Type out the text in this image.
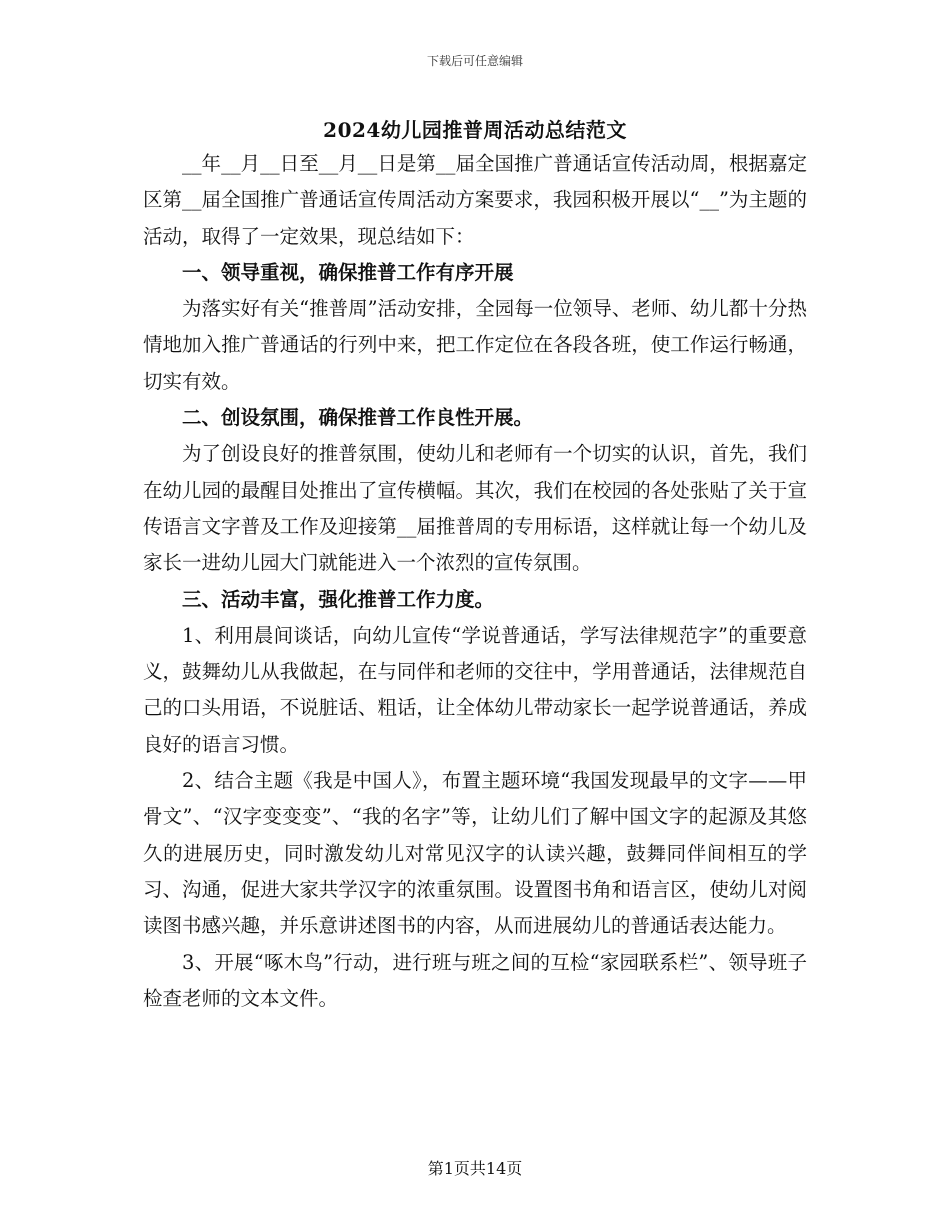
下载后可任意编辑
2024幼儿园推普周活动总结范文

__年__月__日至__月__日是第__届全国推广普通话宣传活动周，根据嘉定区第__届全国推广普通话宣传周活动方案要求，我园积极开展以“__”为主题的活动，取得了一定效果，现总结如下：

一、领导重视，确保推普工作有序开展

为落实好有关“推普周”活动安排，全园每一位领导、老师、幼儿都十分热情地加入推广普通话的行列中来，把工作定位在各段各班，使工作运行畅通，切实有效。

二、创设氛围，确保推普工作良性开展。

为了创设良好的推普氛围，使幼儿和老师有一个切实的认识，首先，我们在幼儿园的最醒目处推出了宣传横幅。其次，我们在校园的各处张贴了关于宣传语言文字普及工作及迎接第__届推普周的专用标语，这样就让每一个幼儿及家长一进幼儿园大门就能进入一个浓烈的宣传氛围。

三、活动丰富，强化推普工作力度。

1、利用晨间谈话，向幼儿宣传“学说普通话，学写法律规范字”的重要意义，鼓舞幼儿从我做起，在与同伴和老师的交往中，学用普通话，法律规范自己的口头用语，不说脏话、粗话，让全体幼儿带动家长一起学说普通话，养成良好的语言习惯。

2、结合主题《我是中国人》，布置主题环境“我国发现最早的文字——甲骨文”、“汉字变变变”、“我的名字”等，让幼儿们了解中国文字的起源及其悠久的进展历史，同时激发幼儿对常见汉字的认读兴趣，鼓舞同伴间相互的学习、沟通，促进大家共学汉字的浓重氛围。设置图书角和语言区，使幼儿对阅读图书感兴趣，并乐意讲述图书的内容，从而进展幼儿的普通话表达能力。

3、开展“啄木鸟”行动，进行班与班之间的互检“家园联系栏”、领导班子检查老师的文本文件。

第1页共14页
